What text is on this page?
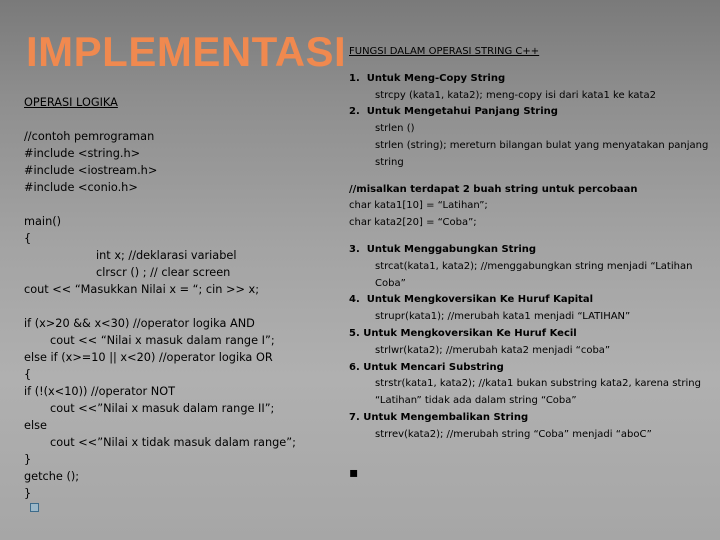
IMPLEMENTASI
OPERASI LOGIKA
//contoh pemrograman
#include <string.h>
#include <iostream.h>
#include <conio.h>
main()
{
int x; //deklarasi variabel
clrscr () ; // clear screen
cout << “Masukkan Nilai x = “; cin >> x;
if (x>20 && x<30) //operator logika AND
cout << “Nilai x masuk dalam range I”;
else if (x>=10 || x<20) //operator logika OR
{
if (!(x<10)) //operator NOT
cout <<”Nilai x masuk dalam range II”;
else
cout <<”Nilai x tidak masuk dalam range”;
}
getche ();
}
FUNGSI DALAM OPERASI STRING C++
1.  Untuk Meng-Copy String
strcpy (kata1, kata2); meng-copy isi dari kata1 ke kata2
2.  Untuk Mengetahui Panjang String
strlen ()
strlen (string); mereturn bilangan bulat yang menyatakan panjang string
//misalkan terdapat 2 buah string untuk percobaan
char kata1[10] = “Latihan”;
char kata2[20] = “Coba”;
3.  Untuk Menggabungkan String
strcat(kata1, kata2); //menggabungkan string menjadi “Latihan Coba”
4.  Untuk Mengkoversikan Ke Huruf Kapital
strupr(kata1); //merubah kata1 menjadi “LATIHAN”
5. Untuk Mengkoversikan Ke Huruf Kecil
strlwr(kata2); //merubah kata2 menjadi “coba”
6. Untuk Mencari Substring
strstr(kata1, kata2); //kata1 bukan substring kata2, karena string “Latihan” tidak ada dalam string “Coba”
7. Untuk Mengembalikan String
strrev(kata2); //merubah string “Coba” menjadi “aboC”
▪
